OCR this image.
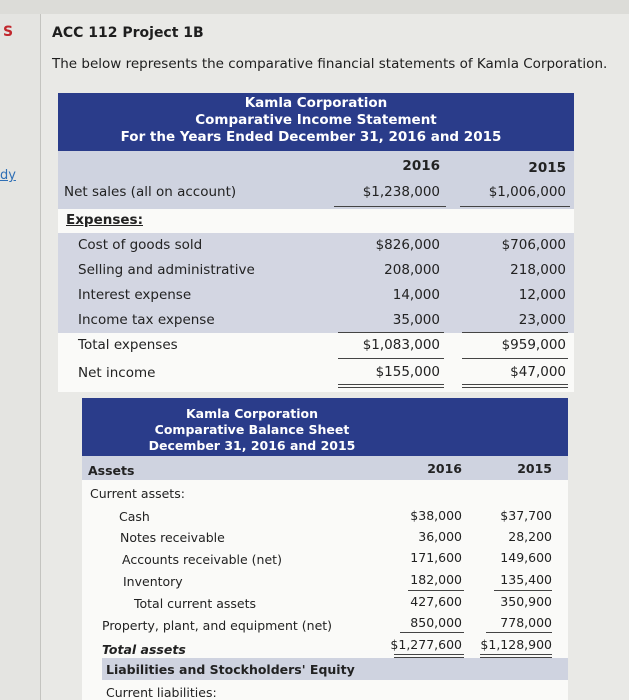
S
dy
ACC 112 Project 1B
The below represents the comparative financial statements of Kamla Corporation.
Kamla Corporation
Comparative Income Statement
For the Years Ended December 31, 2016 and 2015
2016	2015
Net sales (all on account)	$1,238,000	$1,006,000
Expenses:
Cost of goods sold	$826,000	$706,000
Selling and administrative	208,000	218,000
Interest expense	14,000	12,000
Income tax expense	35,000	23,000
Total expenses	$1,083,000	$959,000
Net income	$155,000	$47,000
Kamla Corporation
Comparative Balance Sheet
December 31, 2016 and 2015
Assets	2016	2015
Current assets:
Cash	$38,000	$37,700
Notes receivable	36,000	28,200
Accounts receivable (net)	171,600	149,600
Inventory	182,000	135,400
Total current assets	427,600	350,900
Property, plant, and equipment (net)	850,000	778,000
Total assets	$1,277,600	$1,128,900
Liabilities and Stockholders' Equity
Current liabilities:
